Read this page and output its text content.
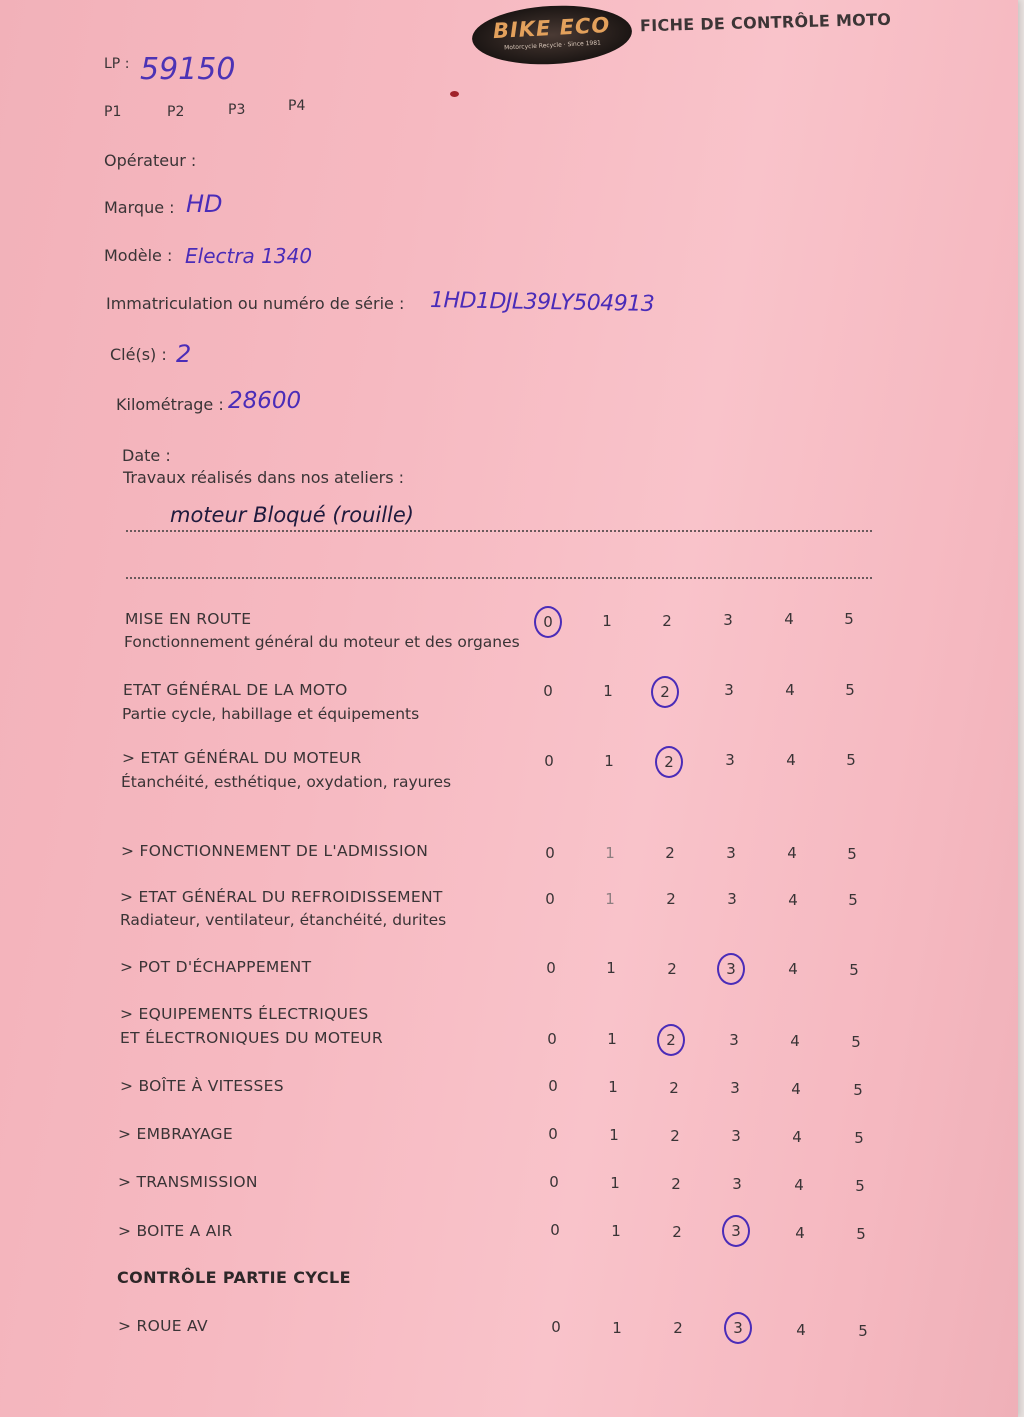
BIKE ECO
Motorcycle Recycle · Since 1981
FICHE DE CONTRÔLE MOTO
LP : 59150
P1	P2	P3	P4
Opérateur :
Marque : HD
Modèle : Electra 1340
Immatriculation ou numéro de série : 1HD1DJL39LY504913
Clé(s) : 2
Kilométrage : 28600
Date :
Travaux réalisés dans nos ateliers :
moteur Bloqué (rouille)
MISE EN ROUTE
Fonctionnement général du moteur et des organes
0	1	2	3	4	5
ETAT GÉNÉRAL DE LA MOTO
Partie cycle, habillage et équipements
0	1	2	3	4	5
> ETAT GÉNÉRAL DU MOTEUR
Étanchéité, esthétique, oxydation, rayures
0	1	2	3	4	5
> FONCTIONNEMENT DE L'ADMISSION	0	1	2	3	4	5
> ETAT GÉNÉRAL DU REFROIDISSEMENT
Radiateur, ventilateur, étanchéité, durites
0	1	2	3	4	5
> POT D'ÉCHAPPEMENT	0	1	2	3	4	5
> EQUIPEMENTS ÉLECTRIQUES
ET ÉLECTRONIQUES DU MOTEUR	0	1	2	3	4	5
> BOÎTE À VITESSES	0	1	2	3	4	5
> EMBRAYAGE	0	1	2	3	4	5
> TRANSMISSION	0	1	2	3	4	5
> BOITE A AIR	0	1	2	3	4	5
CONTRÔLE PARTIE CYCLE
> ROUE AV	0	1	2	3	4	5
